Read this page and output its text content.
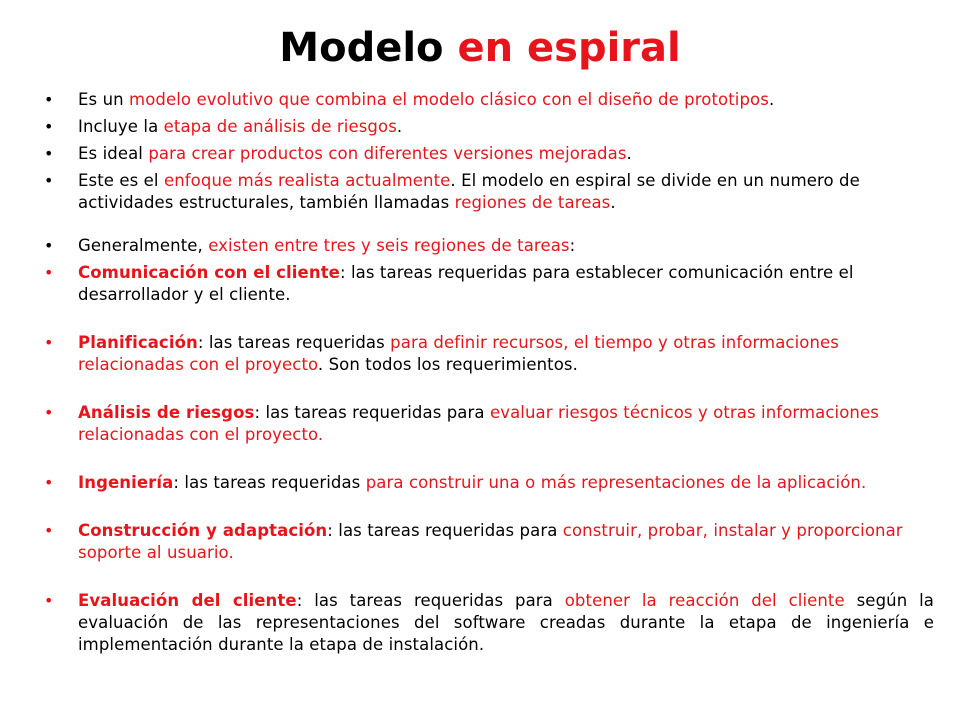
Modelo en espiral
•	Es un modelo evolutivo que combina el modelo clásico con el diseño de prototipos.
•	Incluye la etapa de análisis de riesgos.
•	Es ideal para crear productos con diferentes versiones mejoradas.
•	Este es el enfoque más realista actualmente. El modelo en espiral se divide en un numero de actividades estructurales, también llamadas regiones de tareas.
•	Generalmente, existen entre tres y seis regiones de tareas:
•	Comunicación con el cliente: las tareas requeridas para establecer comunicación entre el desarrollador y el cliente.
•	Planificación: las tareas requeridas para definir recursos, el tiempo y otras informaciones relacionadas con el proyecto. Son todos los requerimientos.
•	Análisis de riesgos: las tareas requeridas para evaluar riesgos técnicos y otras informaciones relacionadas con el proyecto.
•	Ingeniería: las tareas requeridas para construir una o más representaciones de la aplicación.
•	Construcción y adaptación: las tareas requeridas para construir, probar, instalar y proporcionar soporte al usuario.
•	Evaluación del cliente: las tareas requeridas para obtener la reacción del cliente según la evaluación de las representaciones del software creadas durante la etapa de ingeniería e implementación durante la etapa de instalación.
